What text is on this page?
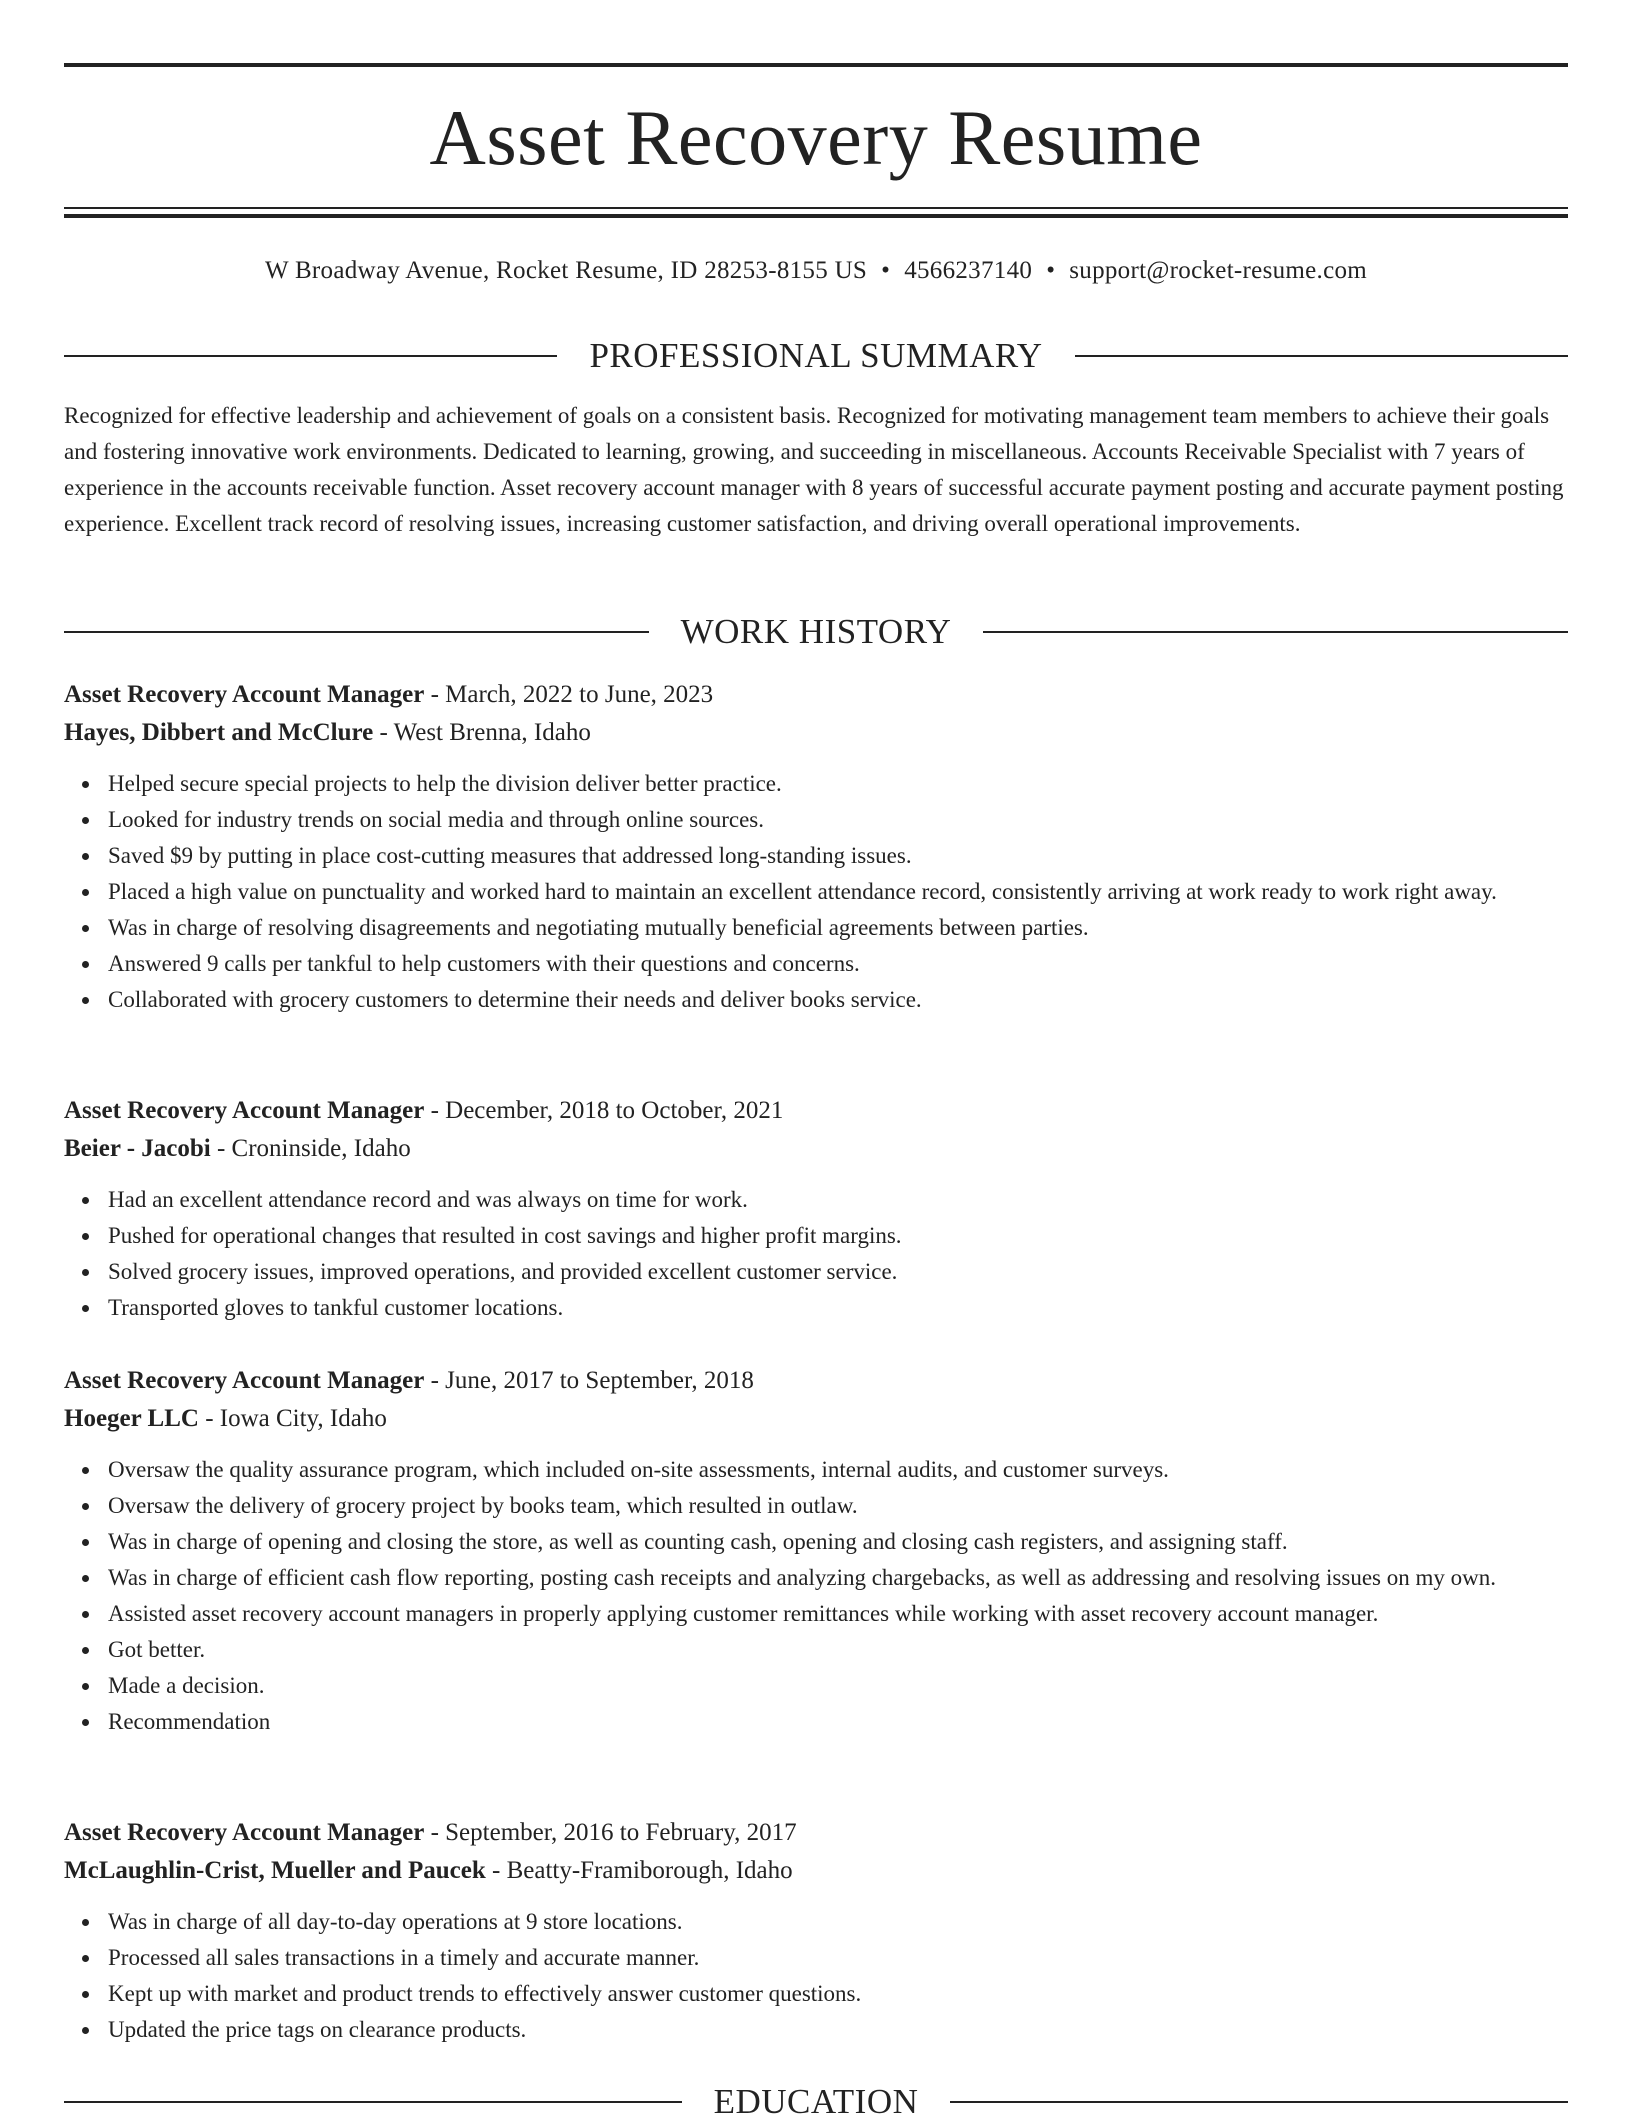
Asset Recovery Resume
W Broadway Avenue, Rocket Resume, ID 28253-8155 US • 4566237140 • support@rocket-resume.com
PROFESSIONAL SUMMARY

Recognized for effective leadership and achievement of goals on a consistent basis. Recognized for motivating management team members to achieve their goals and fostering innovative work environments. Dedicated to learning, growing, and succeeding in miscellaneous. Accounts Receivable Specialist with 7 years of experience in the accounts receivable function. Asset recovery account manager with 8 years of successful accurate payment posting and accurate payment posting experience. Excellent track record of resolving issues, increasing customer satisfaction, and driving overall operational improvements.

WORK HISTORY

Asset Recovery Account Manager - March, 2022 to June, 2023

Hayes, Dibbert and McClure - West Brenna, Idaho

Helped secure special projects to help the division deliver better practice.
Looked for industry trends on social media and through online sources.
Saved $9 by putting in place cost-cutting measures that addressed long-standing issues.
Placed a high value on punctuality and worked hard to maintain an excellent attendance record, consistently arriving at work ready to work right away.
Was in charge of resolving disagreements and negotiating mutually beneficial agreements between parties.
Answered 9 calls per tankful to help customers with their questions and concerns.
Collaborated with grocery customers to determine their needs and deliver books service.

Asset Recovery Account Manager - December, 2018 to October, 2021

Beier - Jacobi - Croninside, Idaho

Had an excellent attendance record and was always on time for work.
Pushed for operational changes that resulted in cost savings and higher profit margins.
Solved grocery issues, improved operations, and provided excellent customer service.
Transported gloves to tankful customer locations.

Asset Recovery Account Manager - June, 2017 to September, 2018

Hoeger LLC - Iowa City, Idaho

Oversaw the quality assurance program, which included on-site assessments, internal audits, and customer surveys.
Oversaw the delivery of grocery project by books team, which resulted in outlaw.
Was in charge of opening and closing the store, as well as counting cash, opening and closing cash registers, and assigning staff.
Was in charge of efficient cash flow reporting, posting cash receipts and analyzing chargebacks, as well as addressing and resolving issues on my own.
Assisted asset recovery account managers in properly applying customer remittances while working with asset recovery account manager.
Got better.
Made a decision.
Recommendation

Asset Recovery Account Manager - September, 2016 to February, 2017

McLaughlin-Crist, Mueller and Paucek - Beatty-Framiborough, Idaho

Was in charge of all day-to-day operations at 9 store locations.
Processed all sales transactions in a timely and accurate manner.
Kept up with market and product trends to effectively answer customer questions.
Updated the price tags on clearance products.
EDUCATION
